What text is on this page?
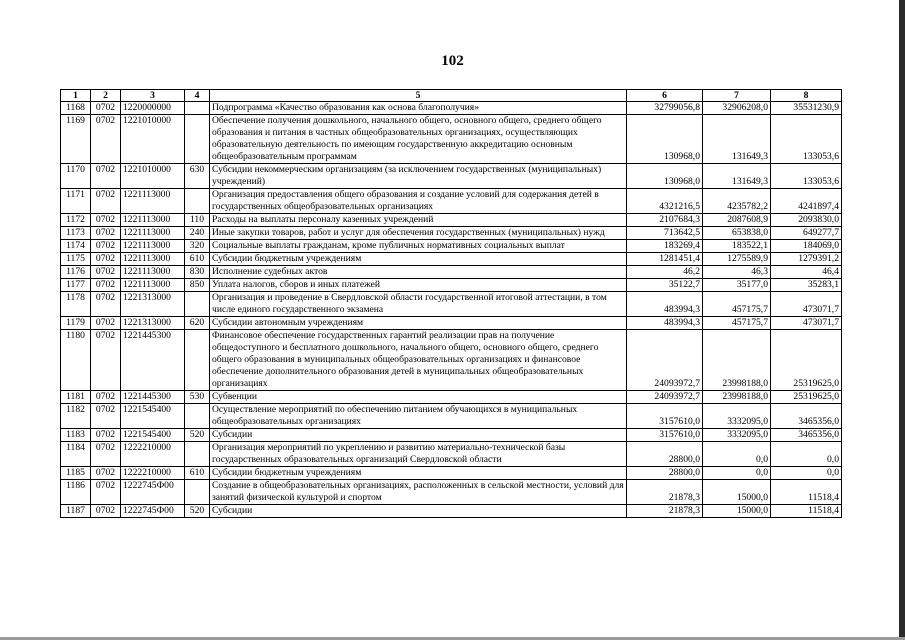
102
1	2	3	4	5	6	7	8
1168	0702	1220000000		Подпрограмма «Качество образования как основа благополучия»	32799056,8	32906208,0	35531230,9
1169	0702	1221010000		Обеспечение получения дошкольного, начального общего, основного общего, среднего общего образования и питания в частных общеобразовательных организациях, осуществляющих образовательную деятельность по имеющим государственную аккредитацию основным общеобразовательным программам	130968,0	131649,3	133053,6
1170	0702	1221010000	630	Субсидии некоммерческим организациям (за исключением государственных (муниципальных) учреждений)	130968,0	131649,3	133053,6
1171	0702	1221113000		Организация предоставления общего образования и создание условий для содержания детей в государственных общеобразовательных организациях	4321216,5	4235782,2	4241897,4
1172	0702	1221113000	110	Расходы на выплаты персоналу казенных учреждений	2107684,3	2087608,9	2093830,0
1173	0702	1221113000	240	Иные закупки товаров, работ и услуг для обеспечения государственных (муниципальных) нужд	713642,5	653838,0	649277,7
1174	0702	1221113000	320	Социальные выплаты гражданам, кроме публичных нормативных социальных выплат	183269,4	183522,1	184069,0
1175	0702	1221113000	610	Субсидии бюджетным учреждениям	1281451,4	1275589,9	1279391,2
1176	0702	1221113000	830	Исполнение судебных актов	46,2	46,3	46,4
1177	0702	1221113000	850	Уплата налогов, сборов и иных платежей	35122,7	35177,0	35283,1
1178	0702	1221313000		Организация и проведение в Свердловской области государственной итоговой аттестации, в том числе единого государственного экзамена	483994,3	457175,7	473071,7
1179	0702	1221313000	620	Субсидии автономным учреждениям	483994,3	457175,7	473071,7
1180	0702	1221445300		Финансовое обеспечение государственных гарантий реализации прав на получение общедоступного и бесплатного дошкольного, начального общего, основного общего, среднего общего образования в муниципальных общеобразовательных организациях и финансовое обеспечение дополнительного образования детей в муниципальных общеобразовательных организациях	24093972,7	23998188,0	25319625,0
1181	0702	1221445300	530	Субвенции	24093972,7	23998188,0	25319625,0
1182	0702	1221545400		Осуществление мероприятий по обеспечению питанием обучающихся в муниципальных общеобразовательных организациях	3157610,0	3332095,0	3465356,0
1183	0702	1221545400	520	Субсидии	3157610,0	3332095,0	3465356,0
1184	0702	1222210000		Организация мероприятий по укреплению и развитию материально-технической базы государственных образовательных организаций Свердловской области	28800,0	0,0	0,0
1185	0702	1222210000	610	Субсидии бюджетным учреждениям	28800,0	0,0	0,0
1186	0702	1222745Ф00		Создание в общеобразовательных организациях, расположенных в сельской местности, условий для занятий физической культурой и спортом	21878,3	15000,0	11518,4
1187	0702	1222745Ф00	520	Субсидии	21878,3	15000,0	11518,4
